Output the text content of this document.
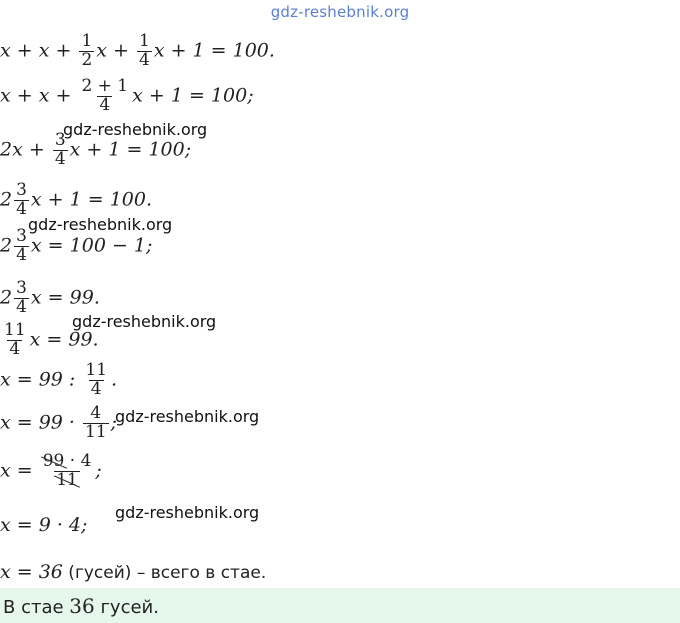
gdz-reshebnik.org
$x + x + \frac{1}{2}$ $x + \frac{1}{4}$ x + 1 = 100.
$x + x + \frac{2 + 1}{4}$ x + 1 = 100;
gdz-reshebnik.org
$2x + \frac{3}{4}$ x + 1 = 100;
$2 \frac{3}{4}$ x + 1 = 100.
gdz-reshebnik.org
$2 \frac{3}{4}$ x = 100 − 1;
$2 \frac{3}{4}$ x = 99.
gdz-reshebnik.org
$\frac{11}{4}$ x = 99.
x = 99 : $\frac{11}{4}$ .
$x = 99 \cdot \frac{4}{11}$ ;
gdz-reshebnik.org
$x = \frac{99 \cdot 4}{11}$ ;
gdz-reshebnik.org
x = 9 · 4;
x = 36 (гусей) – всего в стае.
В стае 36 гусей.
